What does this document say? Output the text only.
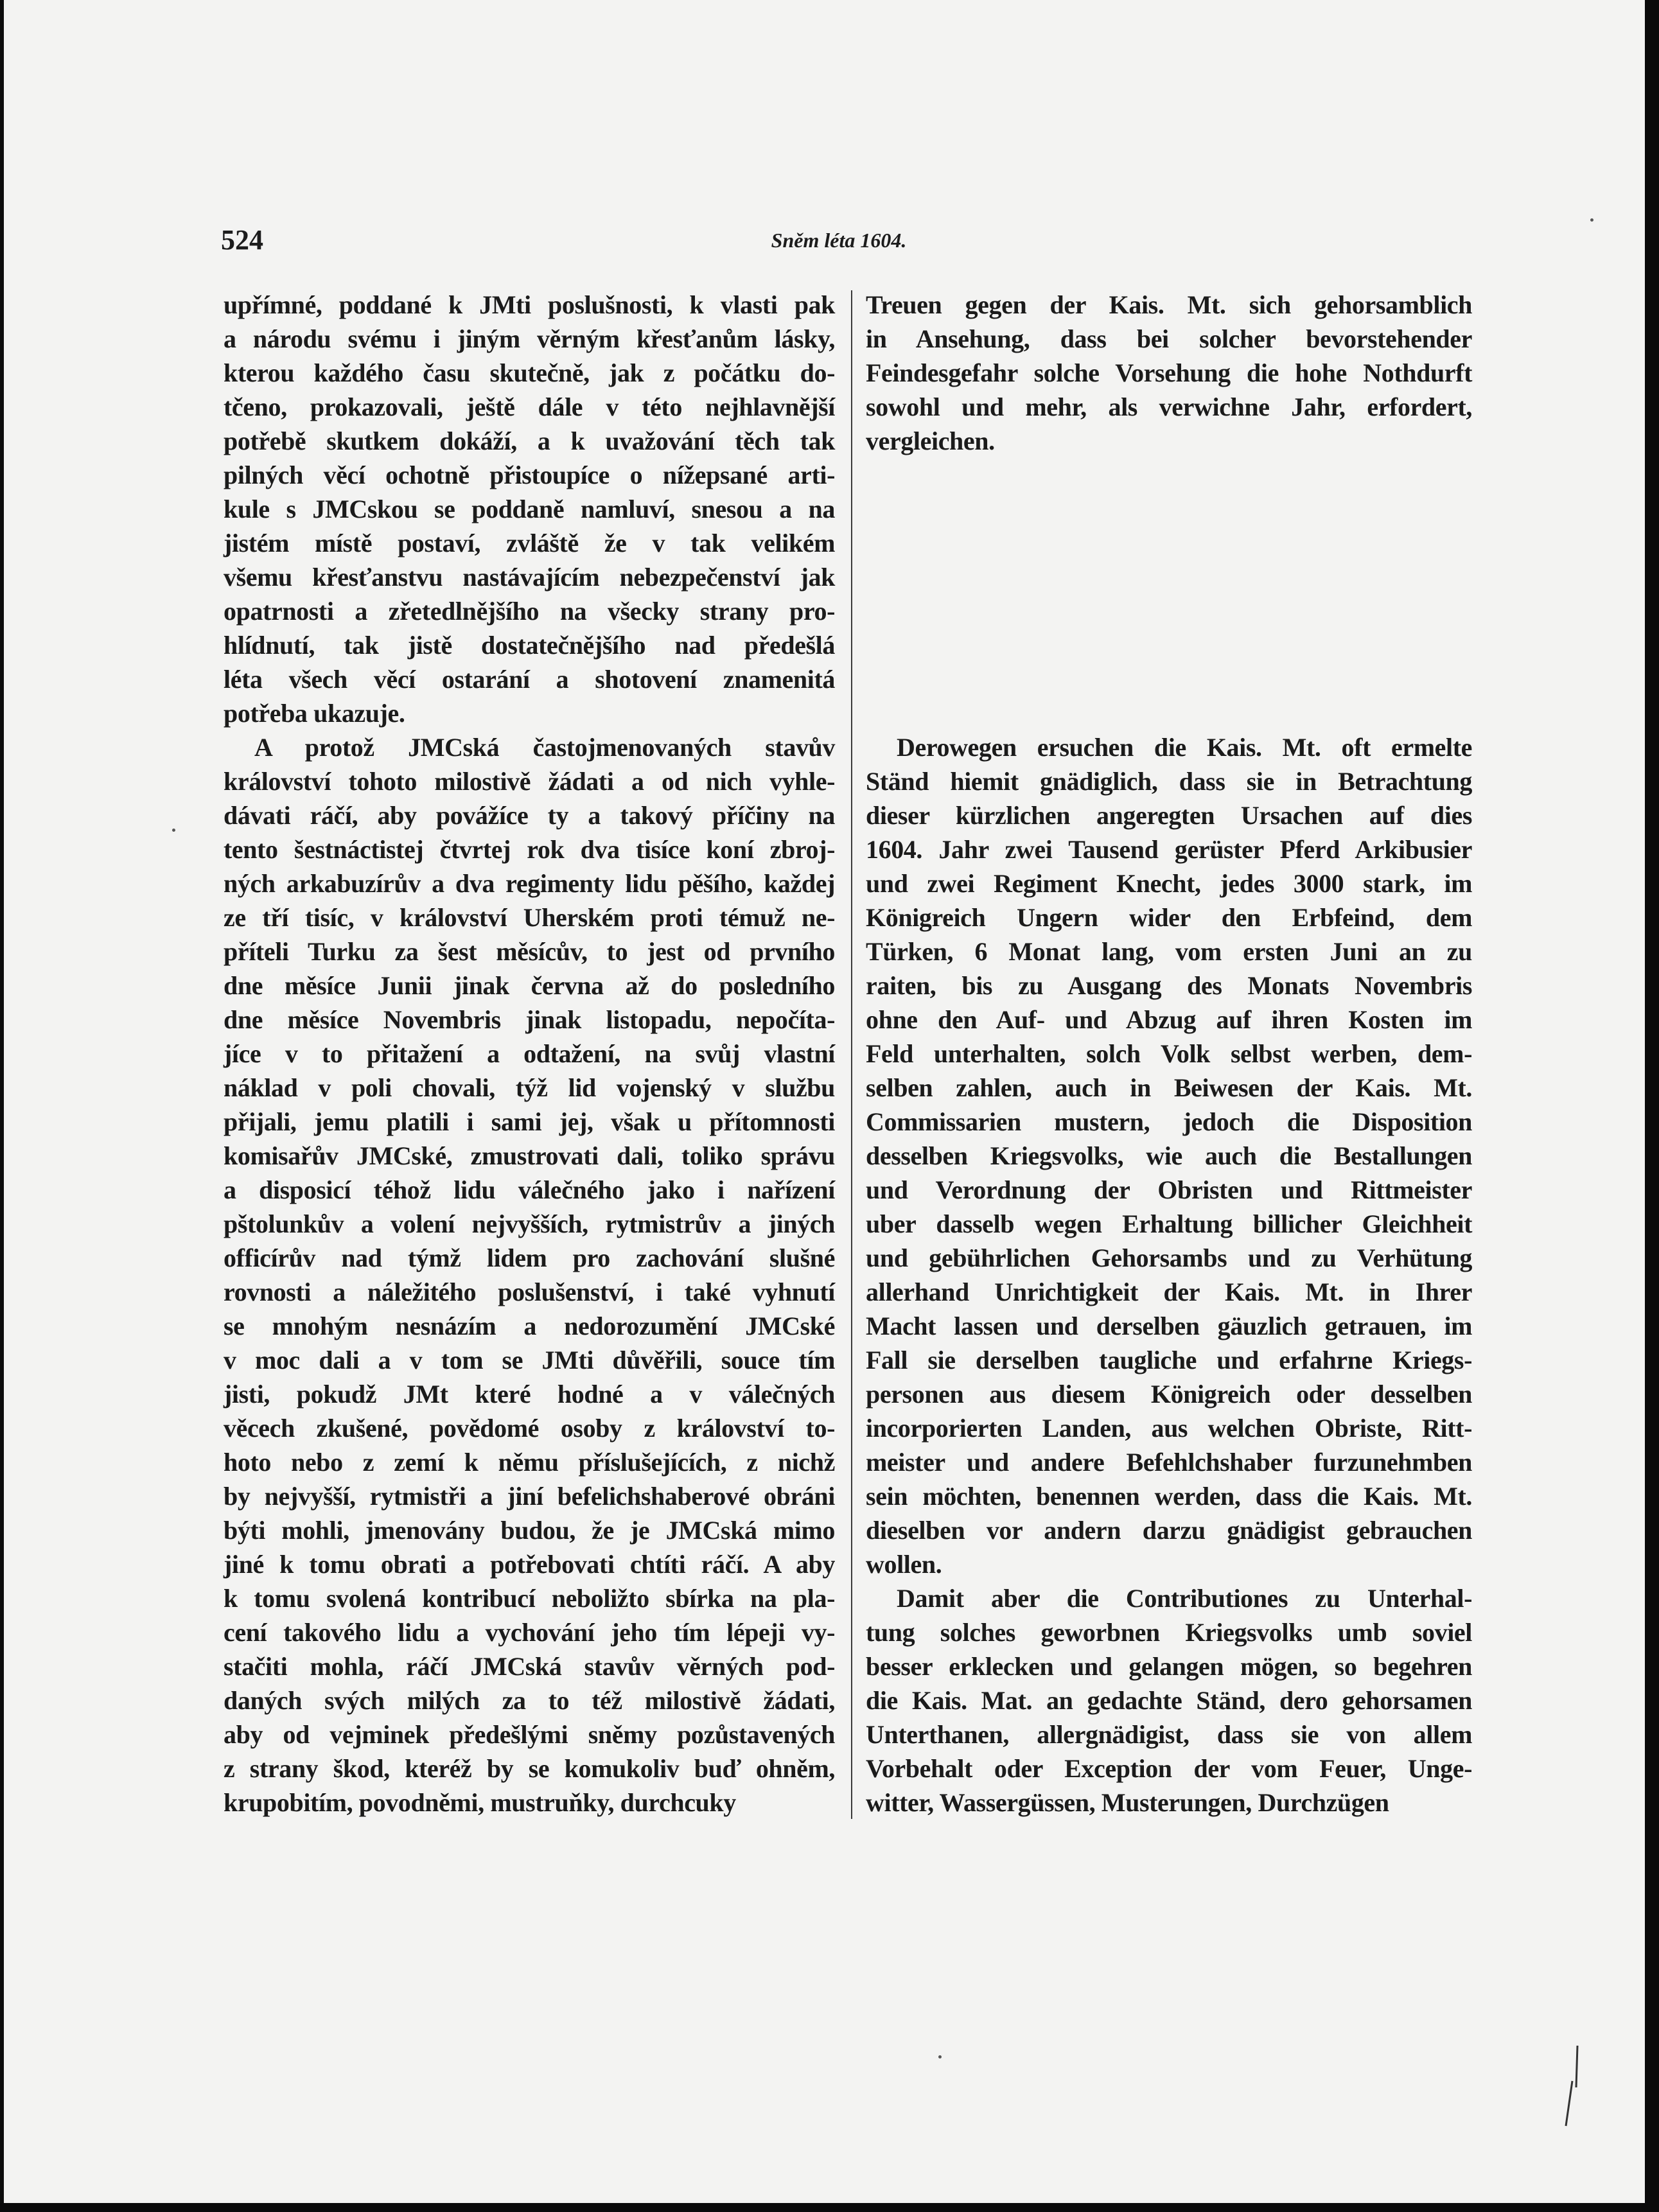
524	Sněm léta 1604.
upřímné, poddané k JMti poslušnosti, k vlasti pak
a národu svému i jiným věrným křesťanům lásky,
kterou každého času skutečně, jak z počátku do-
tčeno, prokazovali, ještě dále v této nejhlavnější
potřebě skutkem dokáží, a k uvažování těch tak
pilných věcí ochotně přistoupíce o nížepsané arti-
kule s JMCskou se poddaně namluví, snesou a na
jistém místě postaví, zvláště že v tak velikém
všemu křesťanstvu nastávajícím nebezpečenství jak
opatrnosti a zřetedlnějšího na všecky strany pro-
hlídnutí, tak jistě dostatečnějšího nad předešlá
léta všech věcí ostarání a shotovení znamenitá
potřeba ukazuje.
A protož JMCská častojmenovaných stavův
království tohoto milostivě žádati a od nich vyhle-
dávati ráčí, aby povážíce ty a takový příčiny na
tento šestnáctistej čtvrtej rok dva tisíce koní zbroj-
ných arkabuzírův a dva regimenty lidu pěšího, každej
ze tří tisíc, v království Uherském proti témuž ne-
příteli Turku za šest měsícův, to jest od prvního
dne měsíce Junii jinak června až do posledního
dne měsíce Novembris jinak listopadu, nepočíta-
jíce v to přitažení a odtažení, na svůj vlastní
náklad v poli chovali, týž lid vojenský v službu
přijali, jemu platili i sami jej, však u přítomnosti
komisařův JMCské, zmustrovati dali, toliko správu
a disposicí téhož lidu válečného jako i nařízení
pštolunkův a volení nejvyšších, rytmistrův a jiných
officírův nad týmž lidem pro zachování slušné
rovnosti a náležitého poslušenství, i také vyhnutí
se mnohým nesnázím a nedorozumění JMCské
v moc dali a v tom se JMti důvěřili, souce tím
jisti, pokudž JMt které hodné a v válečných
věcech zkušené, povědomé osoby z království to-
hoto nebo z zemí k němu příslušejících, z nichž
by nejvyšší, rytmistři a jiní befelichshaberové obráni
býti mohli, jmenovány budou, že je JMCská mimo
jiné k tomu obrati a potřebovati chtíti ráčí. A aby
k tomu svolená kontribucí neboližto sbírka na pla-
cení takového lidu a vychování jeho tím lépeji vy-
stačiti mohla, ráčí JMCská stavův věrných pod-
daných svých milých za to též milostivě žádati,
aby od vejminek předešlými sněmy pozůstavených
z strany škod, kteréž by se komukoliv buď ohněm,
krupobitím, povodněmi, mustruňky, durchcuky
Treuen gegen der Kais. Mt. sich gehorsamblich
in Ansehung, dass bei solcher bevorstehender
Feindesgefahr solche Vorsehung die hohe Nothdurft
sowohl und mehr, als verwichne Jahr, erfordert,
vergleichen.
Derowegen ersuchen die Kais. Mt. oft ermelte
Ständ hiemit gnädiglich, dass sie in Betrachtung
dieser kürzlichen angeregten Ursachen auf dies
1604. Jahr zwei Tausend gerüster Pferd Arkibusier
und zwei Regiment Knecht, jedes 3000 stark, im
Königreich Ungern wider den Erbfeind, dem
Türken, 6 Monat lang, vom ersten Juni an zu
raiten, bis zu Ausgang des Monats Novembris
ohne den Auf- und Abzug auf ihren Kosten im
Feld unterhalten, solch Volk selbst werben, dem-
selben zahlen, auch in Beiwesen der Kais. Mt.
Commissarien mustern, jedoch die Disposition
desselben Kriegsvolks, wie auch die Bestallungen
und Verordnung der Obristen und Rittmeister
uber dasselb wegen Erhaltung billicher Gleichheit
und gebührlichen Gehorsambs und zu Verhütung
allerhand Unrichtigkeit der Kais. Mt. in Ihrer
Macht lassen und derselben gäuzlich getrauen, im
Fall sie derselben taugliche und erfahrne Kriegs-
personen aus diesem Königreich oder desselben
incorporierten Landen, aus welchen Obriste, Ritt-
meister und andere Befehlchshaber furzunehmben
sein möchten, benennen werden, dass die Kais. Mt.
dieselben vor andern darzu gnädigist gebrauchen
wollen.
Damit aber die Contributiones zu Unterhal-
tung solches geworbnen Kriegsvolks umb soviel
besser erklecken und gelangen mögen, so begehren
die Kais. Mat. an gedachte Ständ, dero gehorsamen
Unterthanen, allergnädigist, dass sie von allem
Vorbehalt oder Exception der vom Feuer, Unge-
witter, Wassergüssen, Musterungen, Durchzügen
